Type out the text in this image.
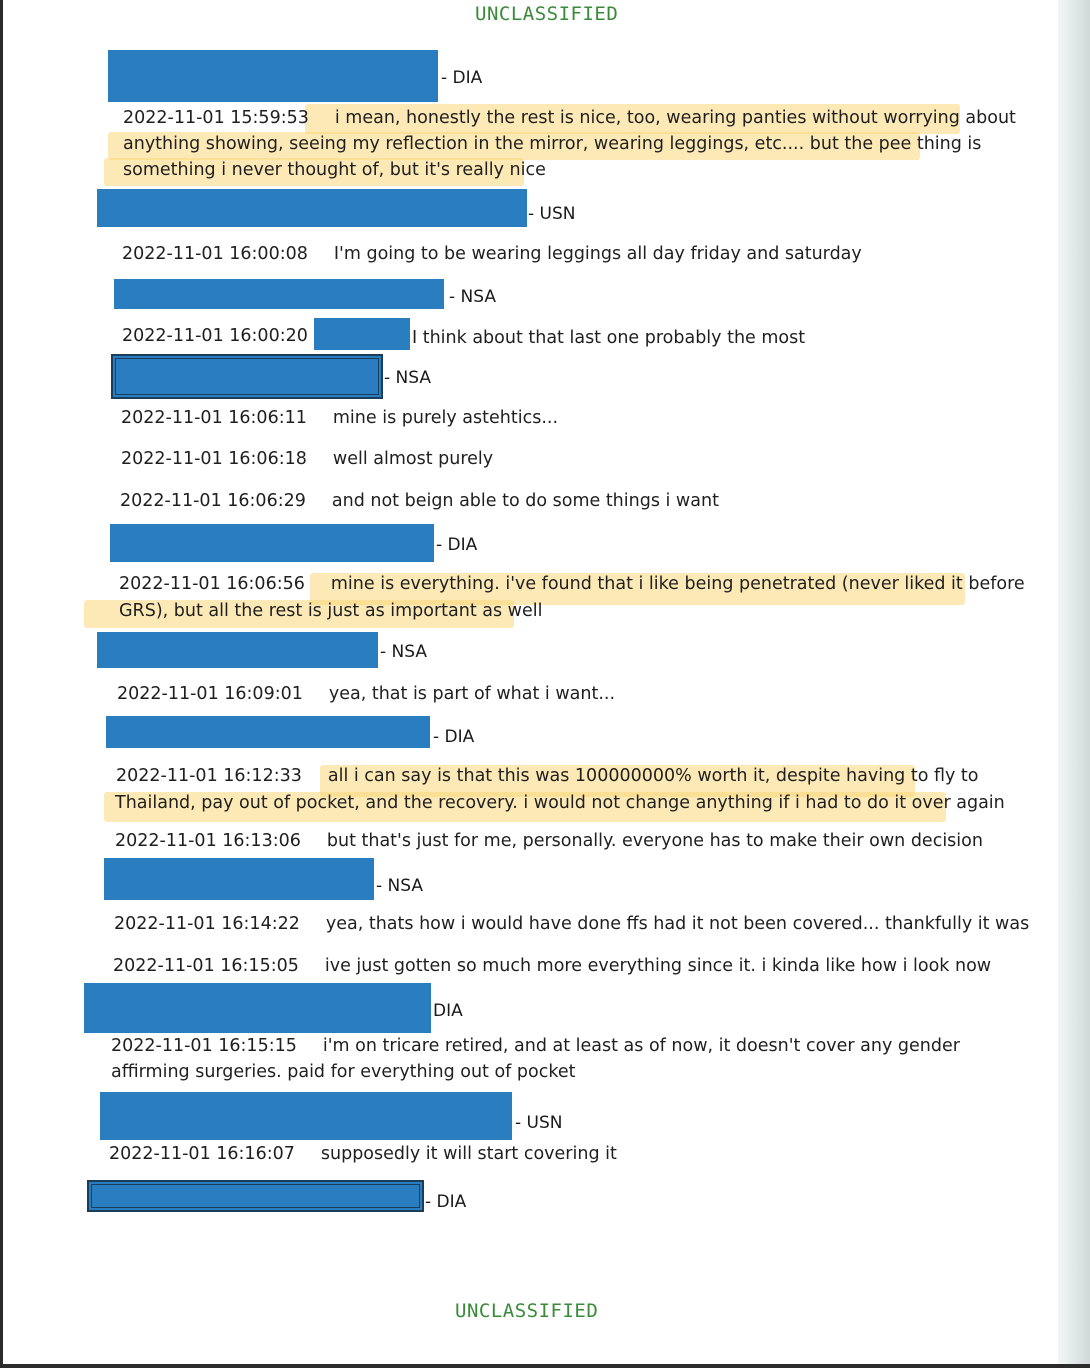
UNCLASSIFIED
- DIA
2022-11-01 15:59:53 i mean, honestly the rest is nice, too, wearing panties without worrying about
anything showing, seeing my reflection in the mirror, wearing leggings, etc.... but the pee thing is
something i never thought of, but it's really nice
- USN
2022-11-01 16:00:08 I'm going to be wearing leggings all day friday and saturday
- NSA
2022-11-01 16:00:20	I think about that last one probably the most
- NSA
2022-11-01 16:06:11 mine is purely astehtics...
2022-11-01 16:06:18 well almost purely
2022-11-01 16:06:29 and not beign able to do some things i want
- DIA
2022-11-01 16:06:56 mine is everything. i've found that i like being penetrated (never liked it before
GRS), but all the rest is just as important as well
- NSA
2022-11-01 16:09:01 yea, that is part of what i want...
- DIA
2022-11-01 16:12:33 all i can say is that this was 100000000% worth it, despite having to fly to
Thailand, pay out of pocket, and the recovery. i would not change anything if i had to do it over again
2022-11-01 16:13:06 but that's just for me, personally. everyone has to make their own decision
- NSA
2022-11-01 16:14:22 yea, thats how i would have done ffs had it not been covered... thankfully it was
2022-11-01 16:15:05 ive just gotten so much more everything since it. i kinda like how i look now
DIA
2022-11-01 16:15:15 i'm on tricare retired, and at least as of now, it doesn't cover any gender
affirming surgeries. paid for everything out of pocket
- USN
2022-11-01 16:16:07 supposedly it will start covering it
- DIA
UNCLASSIFIED
